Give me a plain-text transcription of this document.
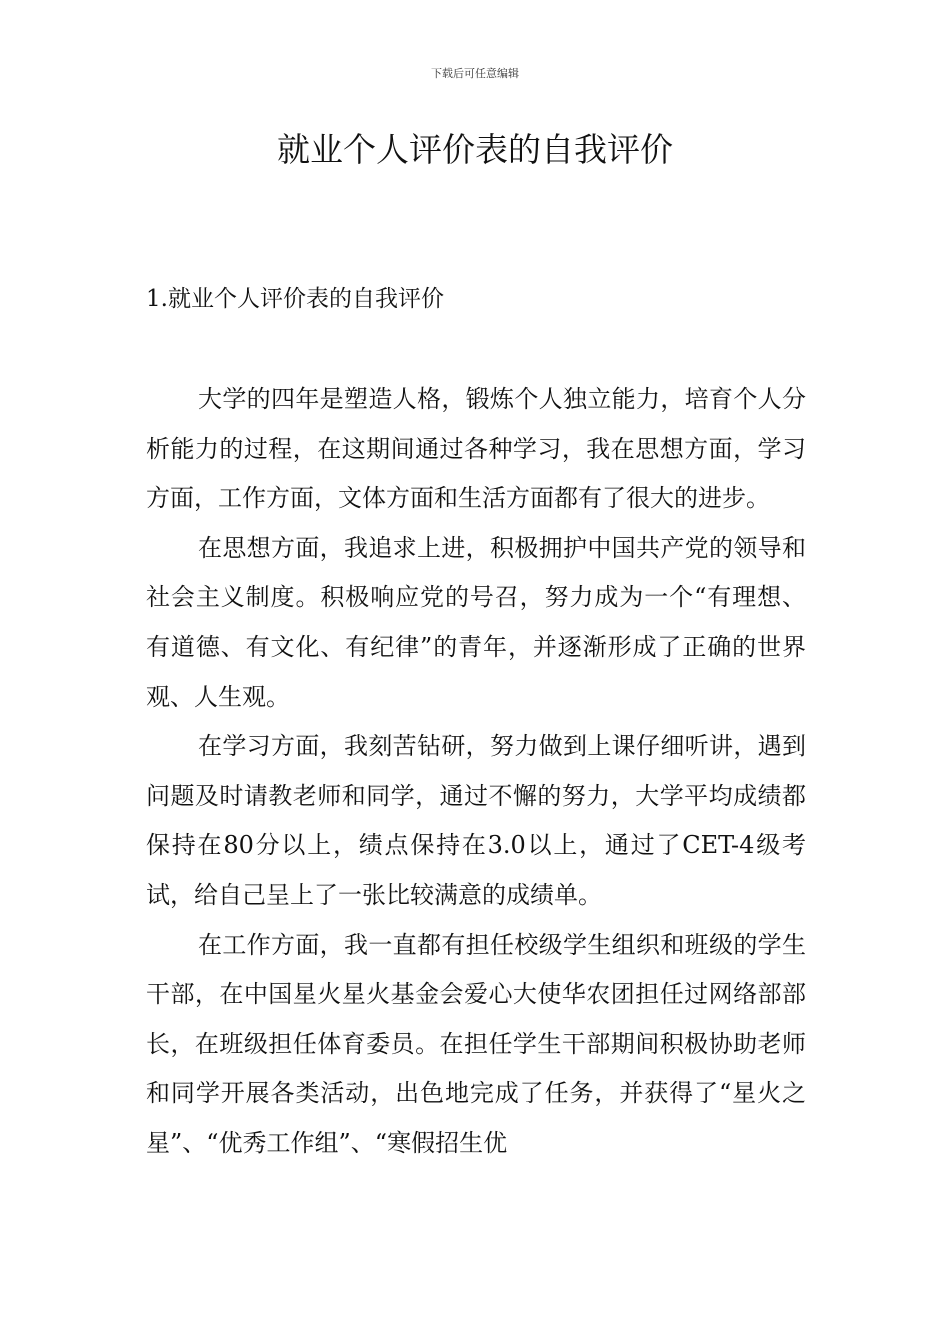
下载后可任意编辑
就业个人评价表的自我评价
1.就业个人评价表的自我评价

大学的四年是塑造人格，锻炼个人独立能力，培育个人分析能力的过程，在这期间通过各种学习，我在思想方面，学习方面，工作方面，文体方面和生活方面都有了很大的进步。

在思想方面，我追求上进，积极拥护中国共产党的领导和社会主义制度。积极响应党的号召，努力成为一个“有理想、有道德、有文化、有纪律”的青年，并逐渐形成了正确的世界观、人生观。

在学习方面，我刻苦钻研，努力做到上课仔细听讲，遇到问题及时请教老师和同学，通过不懈的努力，大学平均成绩都保持在80分以上，绩点保持在3.0以上，通过了CET-4级考试，给自己呈上了一张比较满意的成绩单。

在工作方面，我一直都有担任校级学生组织和班级的学生干部，在中国星火星火基金会爱心大使华农团担任过网络部部长，在班级担任体育委员。在担任学生干部期间积极协助老师和同学开展各类活动，出色地完成了任务，并获得了“星火之星”、“优秀工作组”、“寒假招生优
